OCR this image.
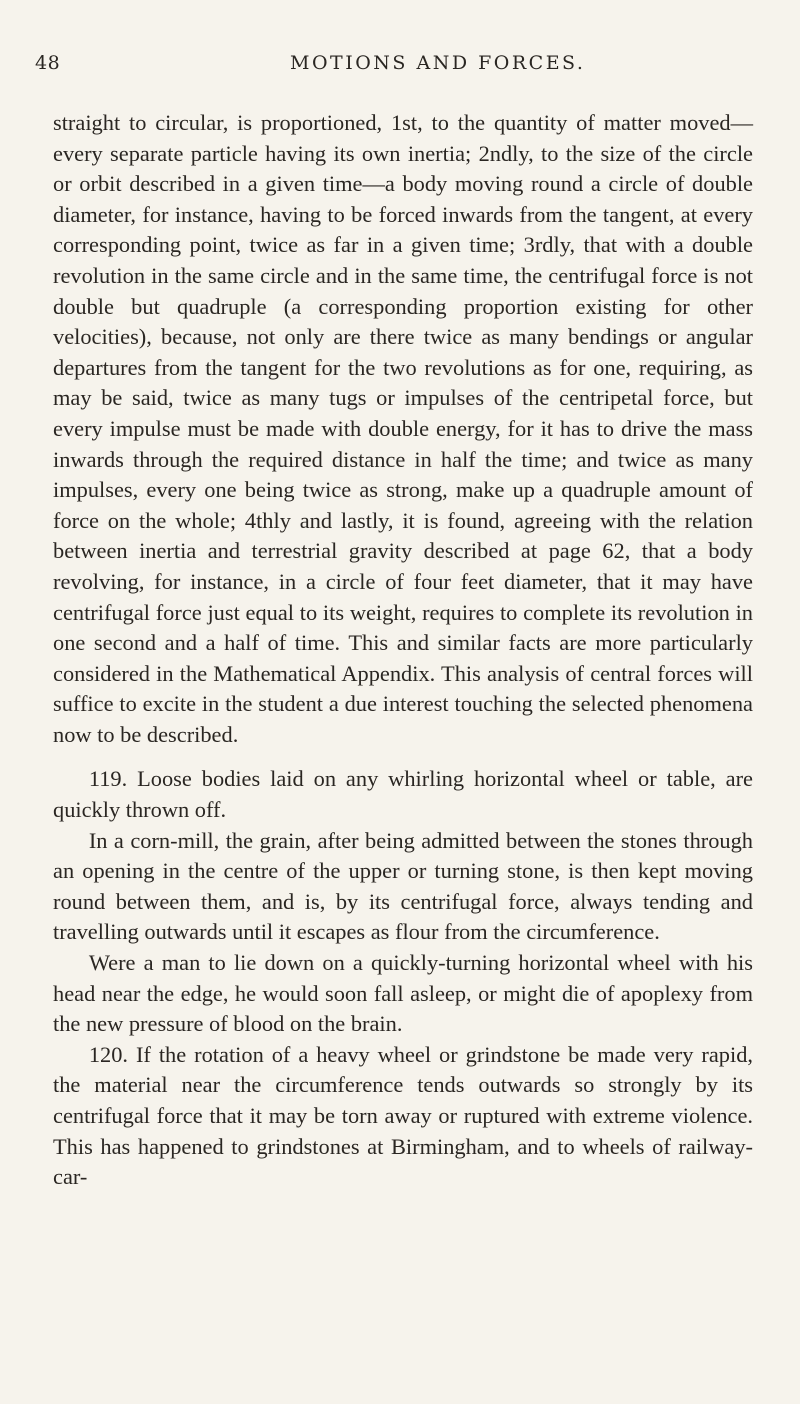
48	MOTIONS AND FORCES.

straight to circular, is proportioned, 1st, to the quantity of matter moved—every separate particle having its own inertia; 2ndly, to the size of the circle or orbit described in a given time—a body moving round a circle of double diameter, for instance, having to be forced inwards from the tangent, at every corresponding point, twice as far in a given time; 3rdly, that with a double revolution in the same circle and in the same time, the centrifugal force is not double but quadruple (a corresponding proportion existing for other velocities), because, not only are there twice as many bendings or angular departures from the tangent for the two revolutions as for one, requiring, as may be said, twice as many tugs or impulses of the centripetal force, but every impulse must be made with double energy, for it has to drive the mass inwards through the required distance in half the time; and twice as many impulses, every one being twice as strong, make up a quadruple amount of force on the whole; 4thly and lastly, it is found, agreeing with the relation between inertia and terrestrial gravity described at page 62, that a body revolving, for instance, in a circle of four feet diameter, that it may have centrifugal force just equal to its weight, requires to complete its revolution in one second and a half of time. This and similar facts are more particularly considered in the Mathematical Appendix. This analysis of central forces will suffice to excite in the student a due interest touching the selected phenomena now to be described.

119. Loose bodies laid on any whirling horizontal wheel or table, are quickly thrown off.

In a corn-mill, the grain, after being admitted between the stones through an opening in the centre of the upper or turning stone, is then kept moving round between them, and is, by its centrifugal force, always tending and travelling outwards until it escapes as flour from the circumference.

Were a man to lie down on a quickly-turning horizontal wheel with his head near the edge, he would soon fall asleep, or might die of apoplexy from the new pressure of blood on the brain.

120. If the rotation of a heavy wheel or grindstone be made very rapid, the material near the circumference tends outwards so strongly by its centrifugal force that it may be torn away or ruptured with extreme violence. This has happened to grindstones at Birmingham, and to wheels of railway-car-
